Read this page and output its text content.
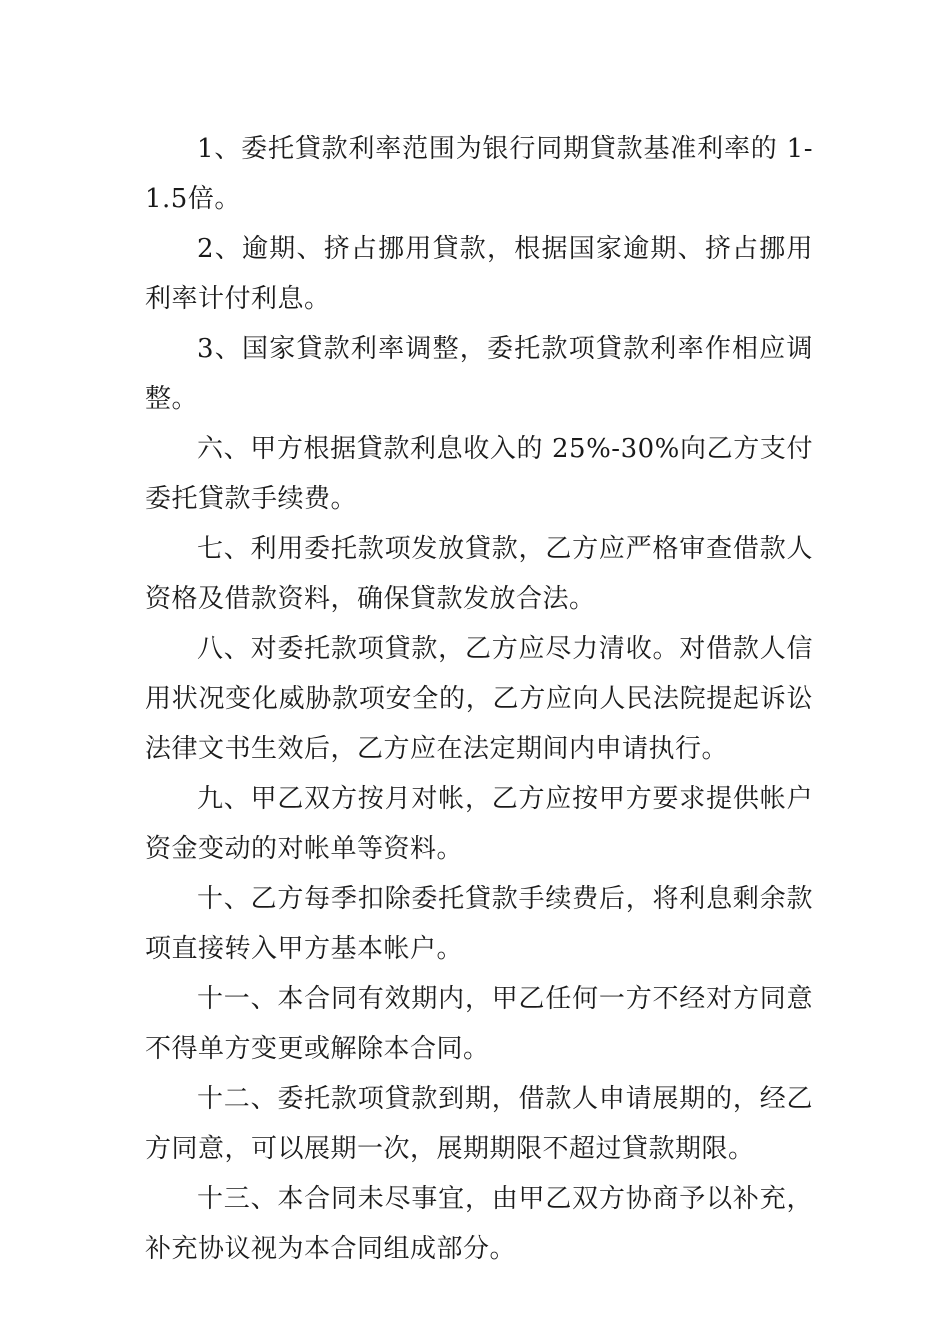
1、委托貸款利率范围为银行同期貸款基准利率的 1-1.5倍。

2、逾期、挤占挪用貸款，根据国家逾期、挤占挪用利率计付利息。

3、国家貸款利率调整，委托款项貸款利率作相应调整。

六、甲方根据貸款利息收入的 25%-30%向乙方支付委托貸款手续费。

七、利用委托款项发放貸款，乙方应严格审查借款人资格及借款资料，确保貸款发放合法。

八、对委托款项貸款，乙方应尽力清收。对借款人信用状况变化威胁款项安全的，乙方应向人民法院提起诉讼法律文书生效后，乙方应在法定期间内申请执行。

九、甲乙双方按月对帐，乙方应按甲方要求提供帐户资金变动的对帐单等资料。

十、乙方每季扣除委托貸款手续费后，将利息剩余款项直接转入甲方基本帐户。

十一、本合同有效期内，甲乙任何一方不经对方同意不得单方变更或解除本合同。

十二、委托款项貸款到期，借款人申请展期的，经乙方同意，可以展期一次，展期期限不超过貸款期限。

十三、本合同未尽事宜，由甲乙双方协商予以补充，补充协议视为本合同组成部分。
